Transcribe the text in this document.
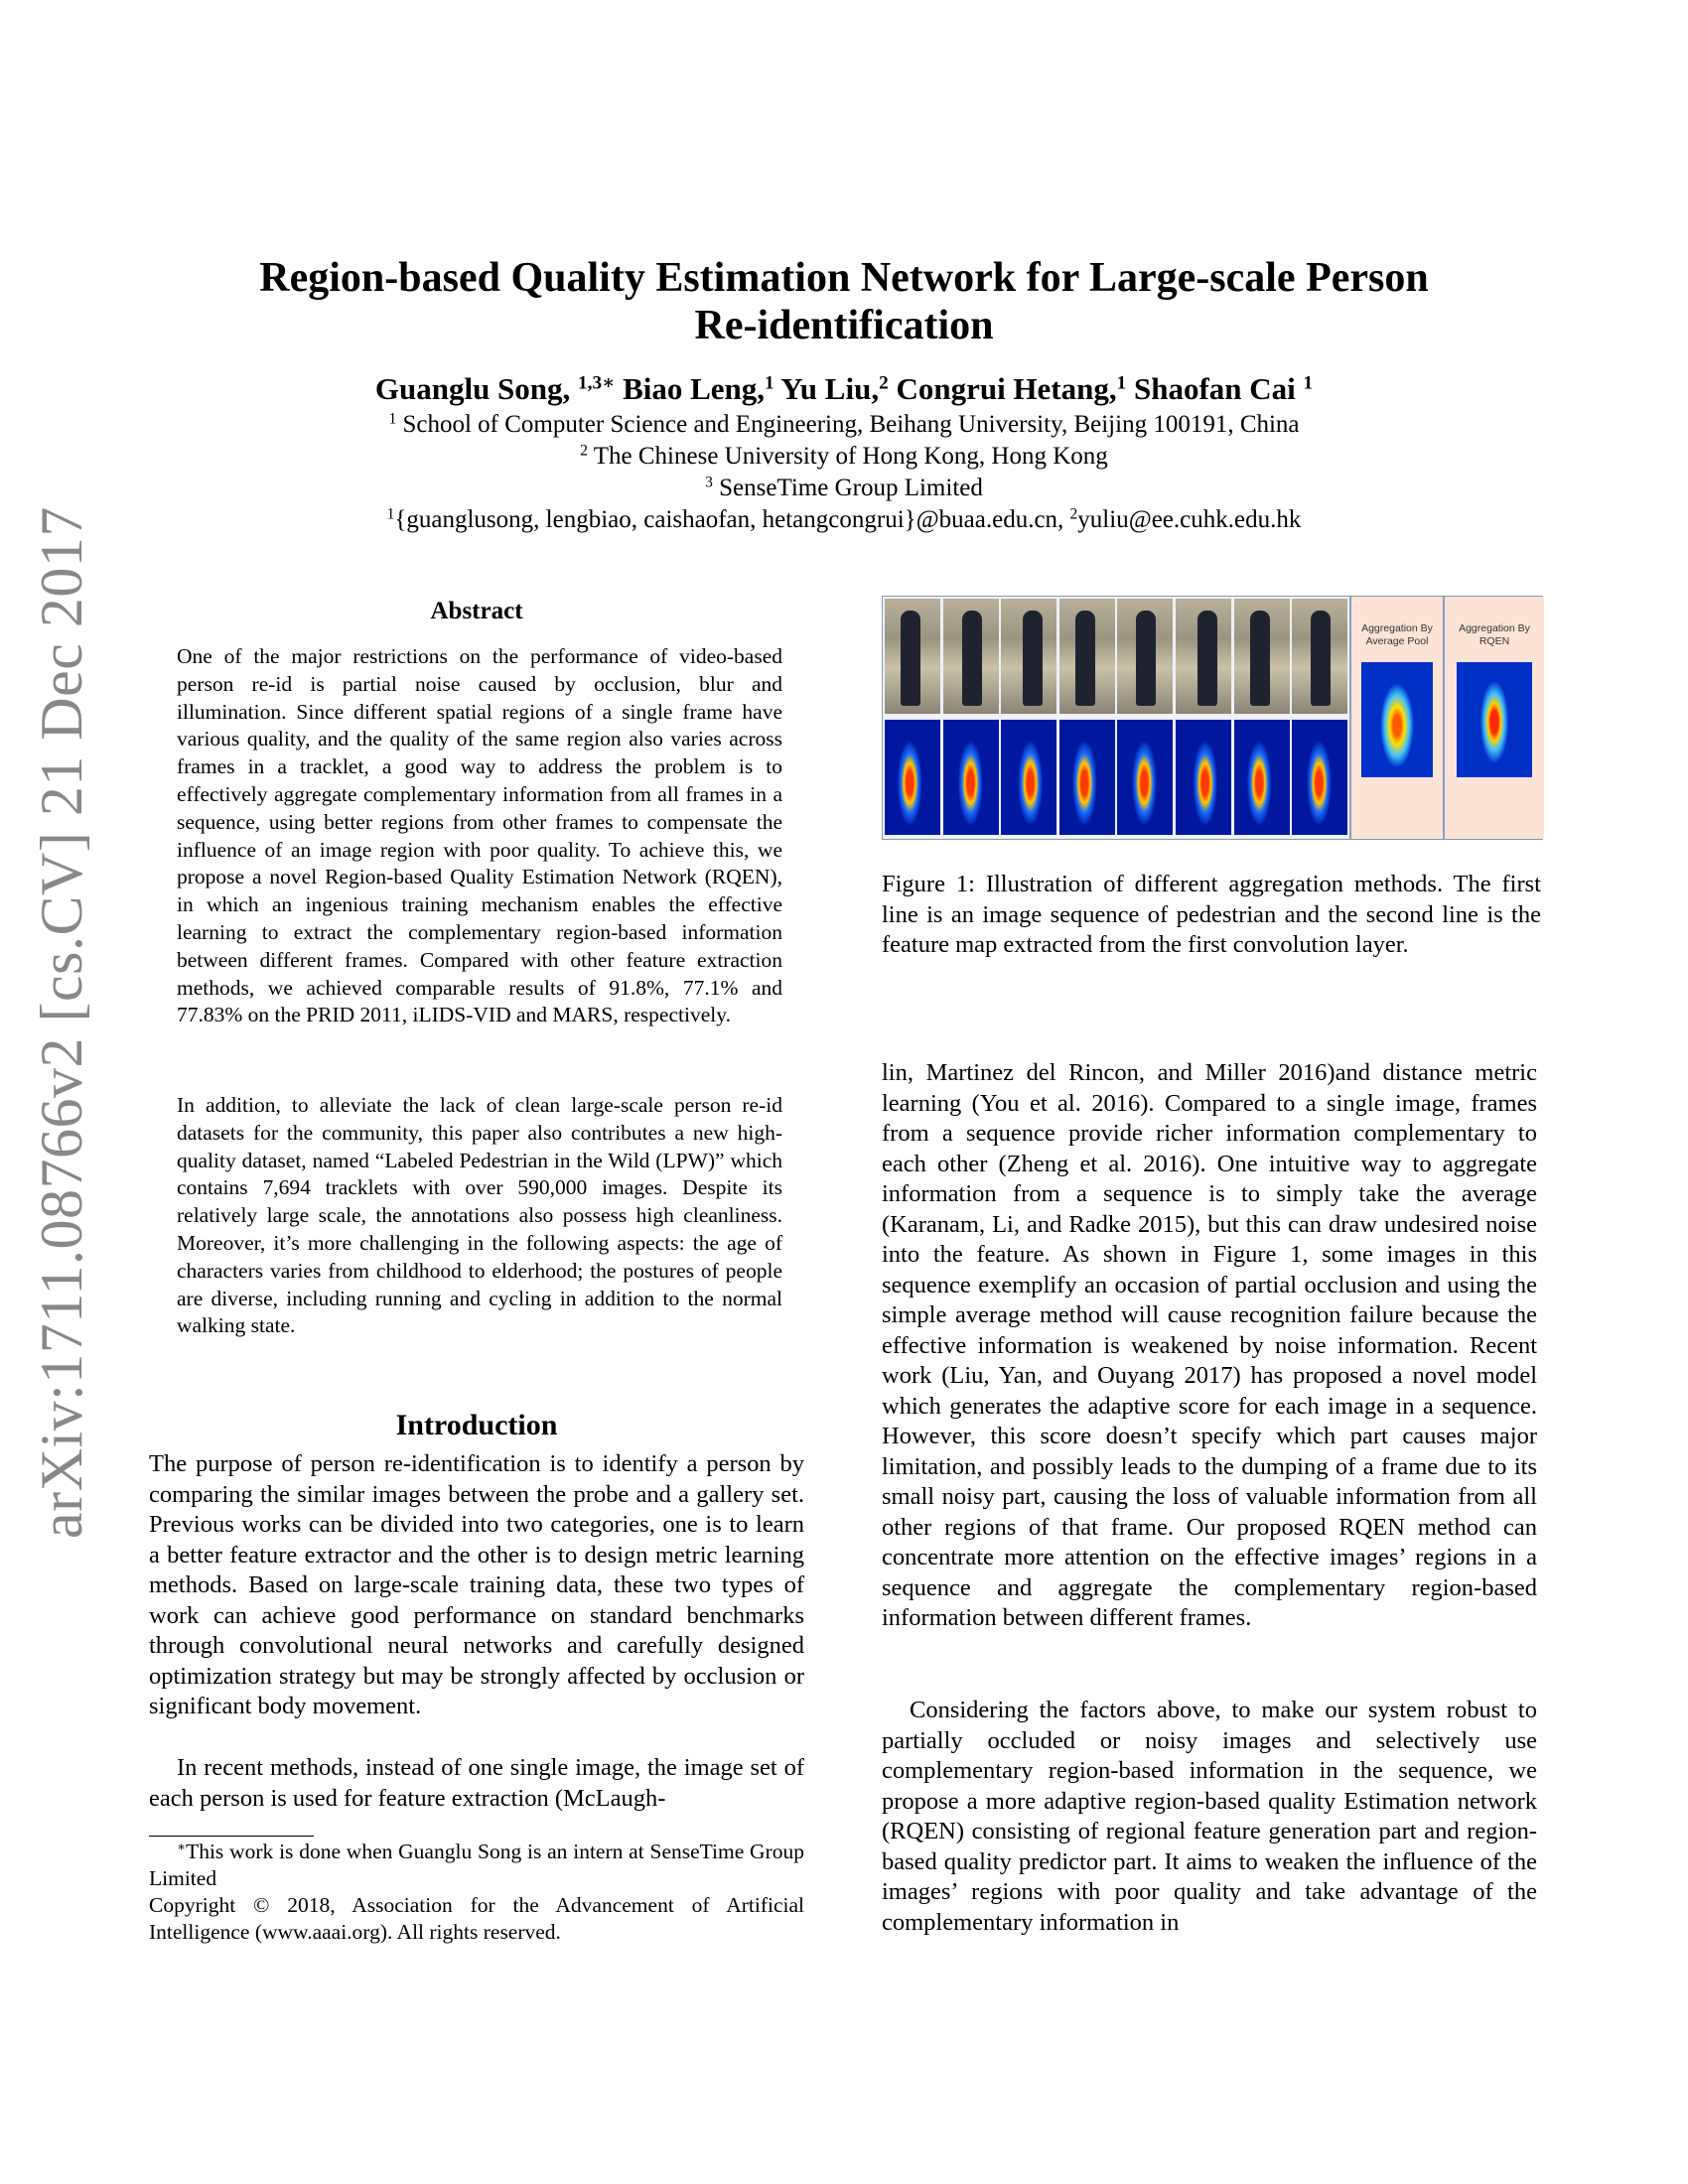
arXiv:1711.08766v2 [cs.CV] 21 Dec 2017
Region-based Quality Estimation Network for Large-scale Person
Re-identification
Guanglu Song, $^{1,3∗}$ Biao Leng,$^1$ Yu Liu,$^2$ Congrui Hetang,$^1$ Shaofan Cai $^1$
$^1$ School of Computer Science and Engineering, Beihang University, Beijing 100191, China
$^2$ The Chinese University of Hong Kong, Hong Kong
$^3$ SenseTime Group Limited
$^1${guanglusong, lengbiao, caishaofan, hetangcongrui}@buaa.edu.cn, $^2$yuliu@ee.cuhk.edu.hk
Abstract
One of the major restrictions on the performance of video-based person re-id is partial noise caused by occlusion, blur and illumination. Since different spatial regions of a single frame have various quality, and the quality of the same region also varies across frames in a tracklet, a good way to address the problem is to effectively aggregate complementary information from all frames in a sequence, using better regions from other frames to compensate the influence of an image region with poor quality. To achieve this, we propose a novel Region-based Quality Estimation Network (RQEN), in which an ingenious training mechanism enables the effective learning to extract the complementary region-based information between different frames. Compared with other feature extraction methods, we achieved comparable results of 91.8%, 77.1% and 77.83% on the PRID 2011, iLIDS-VID and MARS, respectively.
In addition, to alleviate the lack of clean large-scale person re-id datasets for the community, this paper also contributes a new high-quality dataset, named “Labeled Pedestrian in the Wild (LPW)” which contains 7,694 tracklets with over 590,000 images. Despite its relatively large scale, the annotations also possess high cleanliness. Moreover, it’s more challenging in the following aspects: the age of characters varies from childhood to elderhood; the postures of people are diverse, including running and cycling in addition to the normal walking state.
Introduction
The purpose of person re-identification is to identify a person by comparing the similar images between the probe and a gallery set. Previous works can be divided into two categories, one is to learn a better feature extractor and the other is to design metric learning methods. Based on large-scale training data, these two types of work can achieve good performance on standard benchmarks through convolutional neural networks and carefully designed optimization strategy but may be strongly affected by occlusion or significant body movement.
In recent methods, instead of one single image, the image set of each person is used for feature extraction (McLaugh-
∗This work is done when Guanglu Song is an intern at SenseTime Group Limited
Copyright © 2018, Association for the Advancement of Artificial Intelligence (www.aaai.org). All rights reserved.
Aggregation By Average Pool
Aggregation By RQEN
Figure 1: Illustration of different aggregation methods. The first line is an image sequence of pedestrian and the second line is the feature map extracted from the first convolution layer.
lin, Martinez del Rincon, and Miller 2016)and distance metric learning (You et al. 2016). Compared to a single image, frames from a sequence provide richer information complementary to each other (Zheng et al. 2016). One intuitive way to aggregate information from a sequence is to simply take the average (Karanam, Li, and Radke 2015), but this can draw undesired noise into the feature. As shown in Figure 1, some images in this sequence exemplify an occasion of partial occlusion and using the simple average method will cause recognition failure because the effective information is weakened by noise information. Recent work (Liu, Yan, and Ouyang 2017) has proposed a novel model which generates the adaptive score for each image in a sequence. However, this score doesn’t specify which part causes major limitation, and possibly leads to the dumping of a frame due to its small noisy part, causing the loss of valuable information from all other regions of that frame. Our proposed RQEN method can concentrate more attention on the effective images’ regions in a sequence and aggregate the complementary region-based information between different frames.
Considering the factors above, to make our system robust to partially occluded or noisy images and selectively use complementary region-based information in the sequence, we propose a more adaptive region-based quality Estimation network (RQEN) consisting of regional feature generation part and region-based quality predictor part. It aims to weaken the influence of the images’ regions with poor quality and take advantage of the complementary information in
